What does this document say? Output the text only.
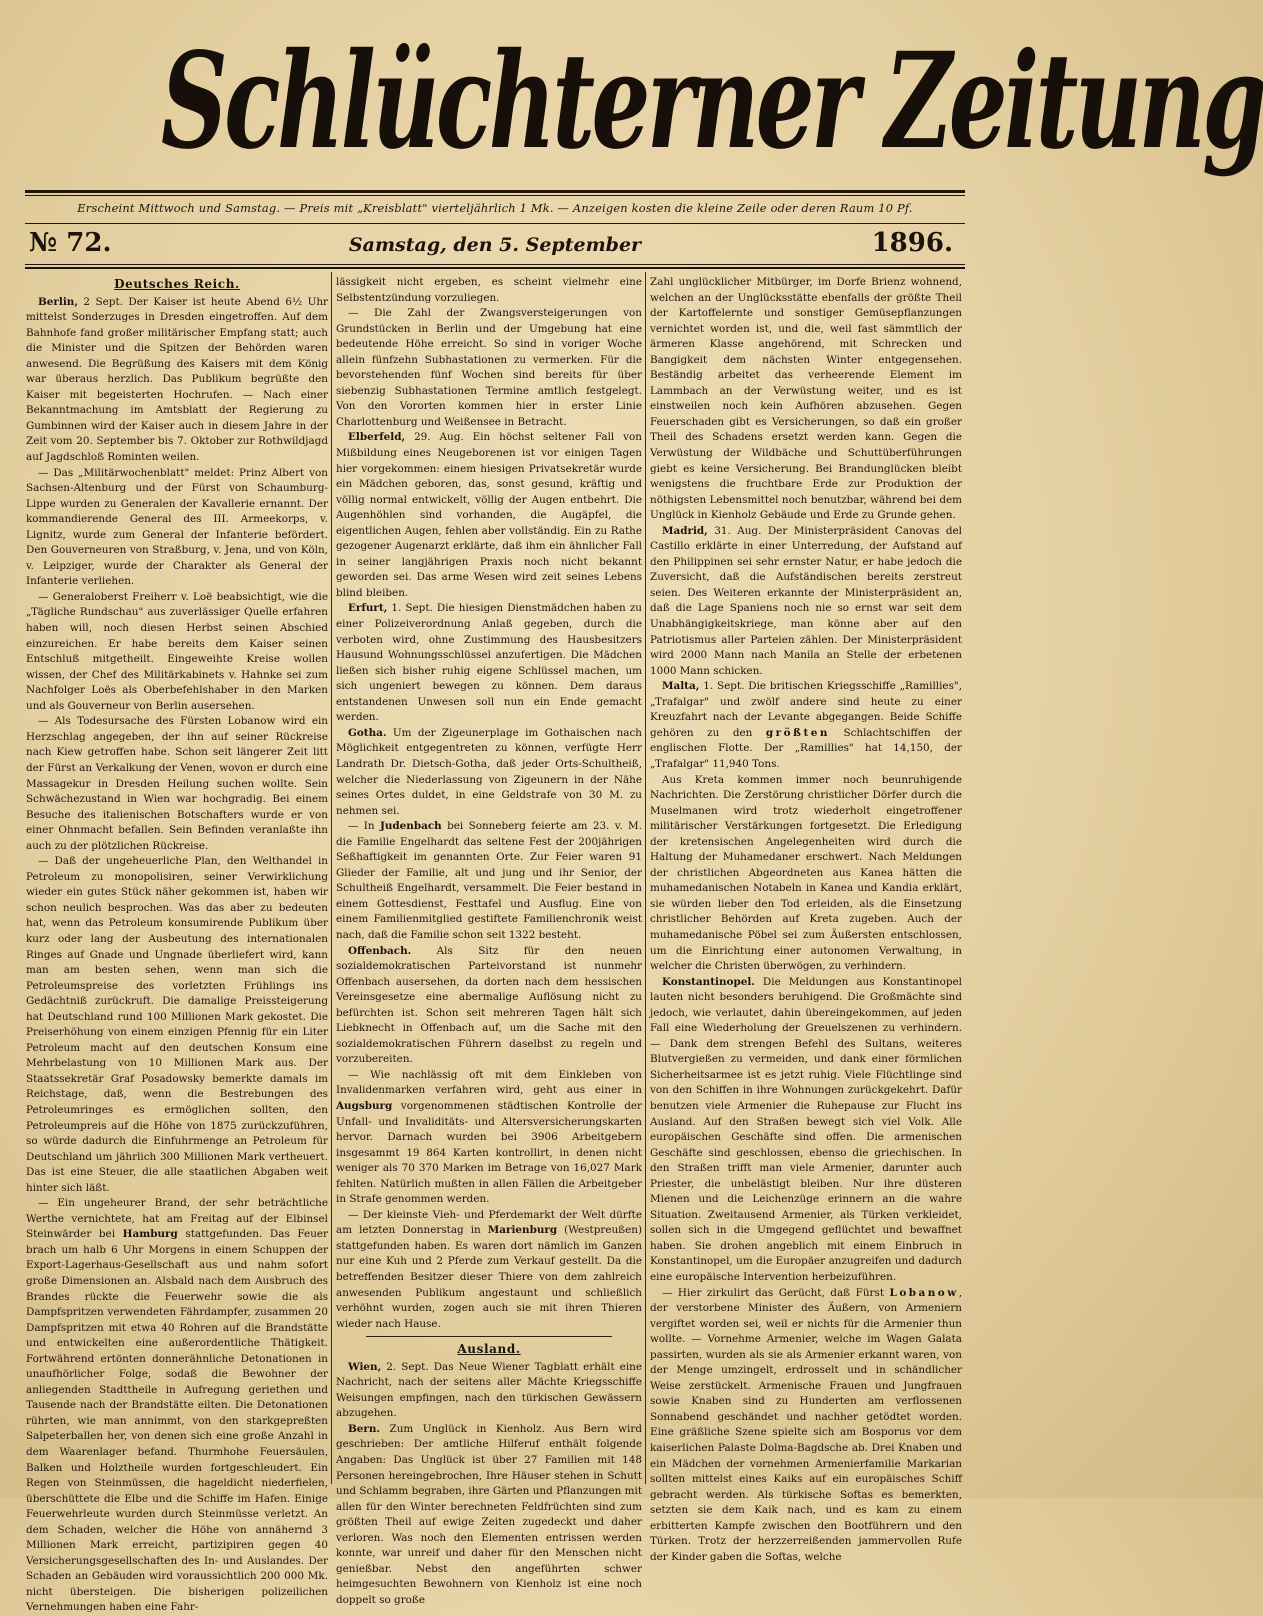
Schlüchterner Zeitung
Erscheint Mittwoch und Samstag. — Preis mit „Kreisblatt" vierteljährlich 1 Mk. — Anzeigen kosten die kleine Zeile oder deren Raum 10 Pf.
№ 72.	Samstag, den 5. September	1896.
Deutsches Reich.

Berlin, 2 Sept. Der Kaiser ist heute Abend 6½ Uhr mittelst Sonderzuges in Dresden eingetroffen. Auf dem Bahnhofe fand großer militärischer Empfang statt; auch die Minister und die Spitzen der Behörden waren anwesend. Die Begrüßung des Kaisers mit dem König war überaus herzlich. Das Publikum begrüßte den Kaiser mit begeisterten Hochrufen. — Nach einer Bekanntmachung im Amtsblatt der Regierung zu Gumbinnen wird der Kaiser auch in diesem Jahre in der Zeit vom 20. September bis 7. Oktober zur Rothwildjagd auf Jagdschloß Rominten weilen.

— Das „Militärwochenblatt" meldet: Prinz Albert von Sachsen-Altenburg und der Fürst von Schaumburg-Lippe wurden zu Generalen der Kavallerie ernannt. Der kommandierende General des III. Armeekorps, v. Lignitz, wurde zum General der Infanterie befördert. Den Gouverneuren von Straßburg, v. Jena, und von Köln, v. Leipziger, wurde der Charakter als General der Infanterie verliehen.

— Generaloberst Freiherr v. Loë beabsichtigt, wie die „Tägliche Rundschau" aus zuverlässiger Quelle erfahren haben will, noch diesen Herbst seinen Abschied einzureichen. Er habe bereits dem Kaiser seinen Entschluß mitgetheilt. Eingeweihte Kreise wollen wissen, der Chef des Militärkabinets v. Hahnke sei zum Nachfolger Loës als Oberbefehlshaber in den Marken und als Gouverneur von Berlin ausersehen.

— Als Todesursache des Fürsten Lobanow wird ein Herzschlag angegeben, der ihn auf seiner Rückreise nach Kiew getroffen habe. Schon seit längerer Zeit litt der Fürst an Verkalkung der Venen, wovon er durch eine Massagekur in Dresden Heilung suchen wollte. Sein Schwächezustand in Wien war hochgradig. Bei einem Besuche des italienischen Botschafters wurde er von einer Ohnmacht befallen. Sein Befinden veranlaßte ihn auch zu der plötzlichen Rückreise.

— Daß der ungeheuerliche Plan, den Welthandel in Petroleum zu monopolisiren, seiner Verwirklichung wieder ein gutes Stück näher gekommen ist, haben wir schon neulich besprochen. Was das aber zu bedeuten hat, wenn das Petroleum konsumirende Publikum über kurz oder lang der Ausbeutung des internationalen Ringes auf Gnade und Ungnade überliefert wird, kann man am besten sehen, wenn man sich die Petroleumspreise des vorletzten Frühlings ins Gedächtniß zurückruft. Die damalige Preissteigerung hat Deutschland rund 100 Millionen Mark gekostet. Die Preiserhöhung von einem einzigen Pfennig für ein Liter Petroleum macht auf den deutschen Konsum eine Mehrbelastung von 10 Millionen Mark aus. Der Staatssekretär Graf Posadowsky bemerkte damals im Reichstage, daß, wenn die Bestrebungen des Petroleumringes es ermöglichen sollten, den Petroleumpreis auf die Höhe von 1875 zurückzuführen, so würde dadurch die Einfuhrmenge an Petroleum für Deutschland um jährlich 300 Millionen Mark vertheuert. Das ist eine Steuer, die alle staatlichen Abgaben weit hinter sich läßt.

— Ein ungeheurer Brand, der sehr beträchtliche Werthe vernichtete, hat am Freitag auf der Elbinsel Steinwärder bei Hamburg stattgefunden. Das Feuer brach um halb 6 Uhr Morgens in einem Schuppen der Export-Lagerhaus-Gesellschaft aus und nahm sofort große Dimensionen an. Alsbald nach dem Ausbruch des Brandes rückte die Feuerwehr sowie die als Dampfspritzen verwendeten Fährdampfer, zusammen 20 Dampfspritzen mit etwa 40 Rohren auf die Brandstätte und entwickelten eine außerordentliche Thätigkeit. Fortwährend ertönten donnerähnliche Detonationen in unaufhörlicher Folge, sodaß die Bewohner der anliegenden Stadttheile in Aufregung geriethen und Tausende nach der Brandstätte eilten. Die Detonationen rührten, wie man annimmt, von den starkgepreßten Salpeterballen her, von denen sich eine große Anzahl in dem Waarenlager befand. Thurmhohe Feuersäulen, Balken und Holztheile wurden fortgeschleudert. Ein Regen von Steinmüssen, die hageldicht niederfielen, überschüttete die Elbe und die Schiffe im Hafen. Einige Feuerwehrleute wurden durch Steinmüsse verletzt. An dem Schaden, welcher die Höhe von annähernd 3 Millionen Mark erreicht, partizipiren gegen 40 Versicherungsgesellschaften des In- und Auslandes. Der Schaden an Gebäuden wird voraussichtlich 200 000 Mk. nicht übersteigen. Die bisherigen polizeilichen Vernehmungen haben eine Fahr-

lässigkeit nicht ergeben, es scheint vielmehr eine Selbstentzündung vorzuliegen.

— Die Zahl der Zwangsversteigerungen von Grundstücken in Berlin und der Umgebung hat eine bedeutende Höhe erreicht. So sind in voriger Woche allein fünfzehn Subhastationen zu vermerken. Für die bevorstehenden fünf Wochen sind bereits für über siebenzig Subhastationen Termine amtlich festgelegt. Von den Vororten kommen hier in erster Linie Charlottenburg und Weißensee in Betracht.

Elberfeld, 29. Aug. Ein höchst seltener Fall von Mißbildung eines Neugeborenen ist vor einigen Tagen hier vorgekommen: einem hiesigen Privatsekretär wurde ein Mädchen geboren, das, sonst gesund, kräftig und völlig normal entwickelt, völlig der Augen entbehrt. Die Augenhöhlen sind vorhanden, die Augäpfel, die eigentlichen Augen, fehlen aber vollständig. Ein zu Rathe gezogener Augenarzt erklärte, daß ihm ein ähnlicher Fall in seiner langjährigen Praxis noch nicht bekannt geworden sei. Das arme Wesen wird zeit seines Lebens blind bleiben.

Erfurt, 1. Sept. Die hiesigen Dienstmädchen haben zu einer Polizeiverordnung Anlaß gegeben, durch die verboten wird, ohne Zustimmung des Hausbesitzers Hausund Wohnungsschlüssel anzufertigen. Die Mädchen ließen sich bisher ruhig eigene Schlüssel machen, um sich ungeniert bewegen zu können. Dem daraus entstandenen Unwesen soll nun ein Ende gemacht werden.

Gotha. Um der Zigeunerplage im Gothaischen nach Möglichkeit entgegentreten zu können, verfügte Herr Landrath Dr. Dietsch-Gotha, daß jeder Orts-Schultheiß, welcher die Niederlassung von Zigeunern in der Nähe seines Ortes duldet, in eine Geldstrafe von 30 M. zu nehmen sei.

— In Judenbach bei Sonneberg feierte am 23. v. M. die Familie Engelhardt das seltene Fest der 200jährigen Seßhaftigkeit im genannten Orte. Zur Feier waren 91 Glieder der Familie, alt und jung und ihr Senior, der Schultheiß Engelhardt, versammelt. Die Feier bestand in einem Gottesdienst, Festtafel und Ausflug. Eine von einem Familienmitglied gestiftete Familienchronik weist nach, daß die Familie schon seit 1322 besteht.

Offenbach. Als Sitz für den neuen sozialdemokratischen Parteivorstand ist nunmehr Offenbach ausersehen, da dorten nach dem hessischen Vereinsgesetze eine abermalige Auflösung nicht zu befürchten ist. Schon seit mehreren Tagen hält sich Liebknecht in Offenbach auf, um die Sache mit den sozialdemokratischen Führern daselbst zu regeln und vorzubereiten.

— Wie nachlässig oft mit dem Einkleben von Invalidenmarken verfahren wird, geht aus einer in Augsburg vorgenommenen städtischen Kontrolle der Unfall- und Invaliditäts- und Altersversicherungskarten hervor. Darnach wurden bei 3906 Arbeitgebern insgesammt 19 864 Karten kontrollirt, in denen nicht weniger als 70 370 Marken im Betrage von 16,027 Mark fehlten. Natürlich mußten in allen Fällen die Arbeitgeber in Strafe genommen werden.

— Der kleinste Vieh- und Pferdemarkt der Welt dürfte am letzten Donnerstag in Marienburg (Westpreußen) stattgefunden haben. Es waren dort nämlich im Ganzen nur eine Kuh und 2 Pferde zum Verkauf gestellt. Da die betreffenden Besitzer dieser Thiere von dem zahlreich anwesenden Publikum angestaunt und schließlich verhöhnt wurden, zogen auch sie mit ihren Thieren wieder nach Hause.

Ausland.

Wien, 2. Sept. Das Neue Wiener Tagblatt erhält eine Nachricht, nach der seitens aller Mächte Kriegsschiffe Weisungen empfingen, nach den türkischen Gewässern abzugehen.

Bern. Zum Unglück in Kienholz. Aus Bern wird geschrieben: Der amtliche Hilferuf enthält folgende Angaben: Das Unglück ist über 27 Familien mit 148 Personen hereingebrochen, Ihre Häuser stehen in Schutt und Schlamm begraben, ihre Gärten und Pflanzungen mit allen für den Winter berechneten Feldfrüchten sind zum größten Theil auf ewige Zeiten zugedeckt und daher verloren. Was noch den Elementen entrissen werden konnte, war unreif und daher für den Menschen nicht genießbar. Nebst den angeführten schwer heimgesuchten Bewohnern von Kienholz ist eine noch doppelt so große

Zahl unglücklicher Mitbürger, im Dorfe Brienz wohnend, welchen an der Unglücksstätte ebenfalls der größte Theil der Kartoffelernte und sonstiger Gemüsepflanzungen vernichtet worden ist, und die, weil fast sämmtlich der ärmeren Klasse angehörend, mit Schrecken und Bangigkeit dem nächsten Winter entgegensehen. Beständig arbeitet das verheerende Element im Lammbach an der Verwüstung weiter, und es ist einstweilen noch kein Aufhören abzusehen. Gegen Feuerschaden gibt es Versicherungen, so daß ein großer Theil des Schadens ersetzt werden kann. Gegen die Verwüstung der Wildbäche und Schuttüberführungen giebt es keine Versicherung. Bei Brandunglücken bleibt wenigstens die fruchtbare Erde zur Produktion der nöthigsten Lebensmittel noch benutzbar, während bei dem Unglück in Kienholz Gebäude und Erde zu Grunde gehen.

Madrid, 31. Aug. Der Ministerpräsident Canovas del Castillo erklärte in einer Unterredung, der Aufstand auf den Philippinen sei sehr ernster Natur, er habe jedoch die Zuversicht, daß die Aufständischen bereits zerstreut seien. Des Weiteren erkannte der Ministerpräsident an, daß die Lage Spaniens noch nie so ernst war seit dem Unabhängigkeitskriege, man könne aber auf den Patriotismus aller Parteien zählen. Der Ministerpräsident wird 2000 Mann nach Manila an Stelle der erbetenen 1000 Mann schicken.

Malta, 1. Sept. Die britischen Kriegsschiffe „Ramillies", „Trafalgar" und zwölf andere sind heute zu einer Kreuzfahrt nach der Levante abgegangen. Beide Schiffe gehören zu den größten Schlachtschiffen der englischen Flotte. Der „Ramillies" hat 14,150, der „Trafalgar" 11,940 Tons.

Aus Kreta kommen immer noch beunruhigende Nachrichten. Die Zerstörung christlicher Dörfer durch die Muselmanen wird trotz wiederholt eingetroffener militärischer Verstärkungen fortgesetzt. Die Erledigung der kretensischen Angelegenheiten wird durch die Haltung der Muhamedaner erschwert. Nach Meldungen der christlichen Abgeordneten aus Kanea hätten die muhamedanischen Notabeln in Kanea und Kandia erklärt, sie würden lieber den Tod erleiden, als die Einsetzung christlicher Behörden auf Kreta zugeben. Auch der muhamedanische Pöbel sei zum Äußersten entschlossen, um die Einrichtung einer autonomen Verwaltung, in welcher die Christen überwögen, zu verhindern.

Konstantinopel. Die Meldungen aus Konstantinopel lauten nicht besonders beruhigend. Die Großmächte sind jedoch, wie verlautet, dahin übereingekommen, auf jeden Fall eine Wiederholung der Greuelszenen zu verhindern. — Dank dem strengen Befehl des Sultans, weiteres Blutvergießen zu vermeiden, und dank einer förmlichen Sicherheitsarmee ist es jetzt ruhig. Viele Flüchtlinge sind von den Schiffen in ihre Wohnungen zurückgekehrt. Dafür benutzen viele Armenier die Ruhepause zur Flucht ins Ausland. Auf den Straßen bewegt sich viel Volk. Alle europäischen Geschäfte sind offen. Die armenischen Geschäfte sind geschlossen, ebenso die griechischen. In den Straßen trifft man viele Armenier, darunter auch Priester, die unbelästigt bleiben. Nur ihre düsteren Mienen und die Leichenzüge erinnern an die wahre Situation. Zweitausend Armenier, als Türken verkleidet, sollen sich in die Umgegend geflüchtet und bewaffnet haben. Sie drohen angeblich mit einem Einbruch in Konstantinopel, um die Europäer anzugreifen und dadurch eine europäische Intervention herbeizuführen.

— Hier zirkulirt das Gerücht, daß Fürst Lobanow, der verstorbene Minister des Äußern, von Armeniern vergiftet worden sei, weil er nichts für die Armenier thun wollte. — Vornehme Armenier, welche im Wagen Galata passirten, wurden als sie als Armenier erkannt waren, von der Menge umzingelt, erdrosselt und in schändlicher Weise zerstückelt. Armenische Frauen und Jungfrauen sowie Knaben sind zu Hunderten am verflossenen Sonnabend geschändet und nachher getödtet worden. Eine gräßliche Szene spielte sich am Bosporus vor dem kaiserlichen Palaste Dolma-Bagdsche ab. Drei Knaben und ein Mädchen der vornehmen Armenierfamilie Markarian sollten mittelst eines Kaiks auf ein europäisches Schiff gebracht werden. Als türkische Softas es bemerkten, setzten sie dem Kaik nach, und es kam zu einem erbitterten Kampfe zwischen den Bootführern und den Türken. Trotz der herzzerreißenden jammervollen Rufe der Kinder gaben die Softas, welche
